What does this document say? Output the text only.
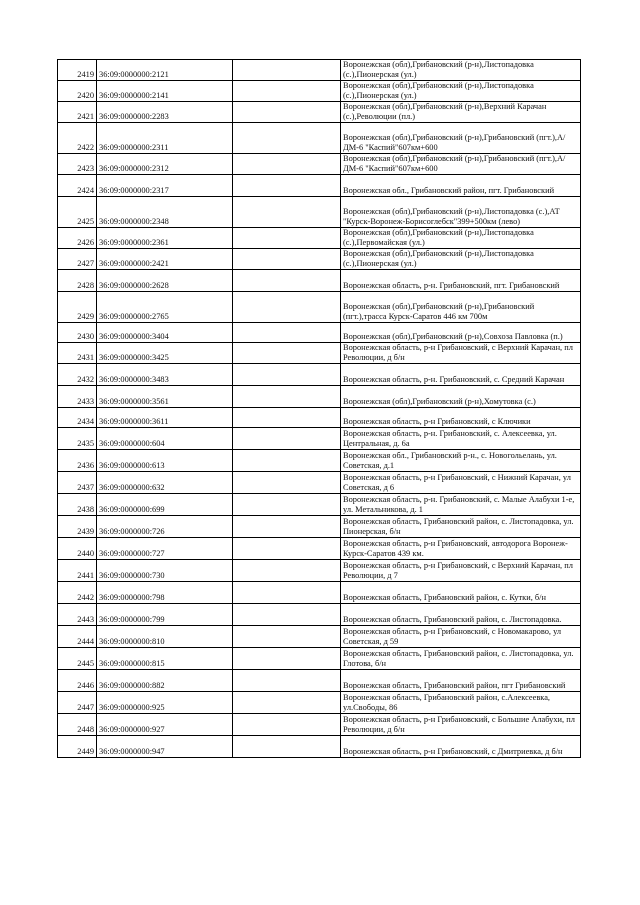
2419	36:09:0000000:2121		Воронежская (обл),Грибановский (р-н),Листопадовка (с.),Пионерская (ул.)
2420	36:09:0000000:2141		Воронежская (обл),Грибановский (р-н),Листопадовка (с.),Пионерская (ул.)
2421	36:09:0000000:2283		Воронежская (обл),Грибановский (р-н),Верхний Карачан (с.),Революции (пл.)
2422	36:09:0000000:2311		Воронежская (обл),Грибановский (р-н),Грибановский (пгт.),А/ДМ-6 "Каспий"607км+600
2423	36:09:0000000:2312		Воронежская (обл),Грибановский (р-н),Грибановский (пгт.),А/ДМ-6 "Каспий"607км+600
2424	36:09:0000000:2317		Воронежская обл., Грибановский район, пгт. Грибановский
2425	36:09:0000000:2348		Воронежская (обл),Грибановский (р-н),Листопадовка (с.),АТ "Курск-Воронеж-Борисоглебск"399+500км (лево)
2426	36:09:0000000:2361		Воронежская (обл),Грибановский (р-н),Листопадовка (с.),Первомайская (ул.)
2427	36:09:0000000:2421		Воронежская (обл),Грибановский (р-н),Листопадовка (с.),Пионерская (ул.)
2428	36:09:0000000:2628		Воронежская область, р-н. Грибановский, пгт. Грибановский
2429	36:09:0000000:2765		Воронежская (обл),Грибановский (р-н),Грибановский (пгт.),трасса Курск-Саратов 446 км 700м
2430	36:09:0000000:3404		Воронежская (обл),Грибановский (р-н),Совхоза Павловка (п.)
2431	36:09:0000000:3425		Воронежская область, р-н Грибановский, с Верхний Карачан, пл Революции, д б/н
2432	36:09:0000000:3483		Воронежская область, р-н. Грибановский, с. Средний Карачан
2433	36:09:0000000:3561		Воронежская (обл),Грибановский (р-н),Хомутовка (с.)
2434	36:09:0000000:3611		Воронежская область, р-н Грибановский, с Ключики
2435	36:09:0000000:604		Воронежская область, р-н. Грибановский, с. Алексеевка, ул. Центральная, д. 6а
2436	36:09:0000000:613		Воронежская обл., Грибановский р-н., с. Новогольелань, ул. Советская, д.1
2437	36:09:0000000:632		Воронежская область, р-н Грибановский, с Нижний Карачан, ул Советская, д 6
2438	36:09:0000000:699		Воронежская область, р-н. Грибановский, с. Малые Алабухи 1-е, ул. Метальникова, д. 1
2439	36:09:0000000:726		Воронежская область, Грибановский район, с. Листопадовка, ул. Пионерская, б/н
2440	36:09:0000000:727		Воронежская область, р-н Грибановский, автодорога Воронеж-Курск-Саратов 439 км.
2441	36:09:0000000:730		Воронежская область, р-н Грибановский, с Верхний Карачан, пл Революции, д 7
2442	36:09:0000000:798		Воронежская область, Грибановский район, с. Кутки, б/н
2443	36:09:0000000:799		Воронежская область, Грибановский район, с. Листопадовка.
2444	36:09:0000000:810		Воронежская область, р-н Грибановский, с Новомакарово, ул Советская, д 59
2445	36:09:0000000:815		Воронежская область, Грибановский район, с. Листопадовка, ул. Глотова, б/н
2446	36:09:0000000:882		Воронежская область, Грибановский район, пгт Грибановский
2447	36:09:0000000:925		Воронежская область, Грибановский район, с.Алексеевка, ул.Свободы, 86
2448	36:09:0000000:927		Воронежская область, р-н Грибановский, с Большие Алабухи, пл Революции, д б/н
2449	36:09:0000000:947		Воронежская область, р-н Грибановский, с Дмитриевка, д б/н
